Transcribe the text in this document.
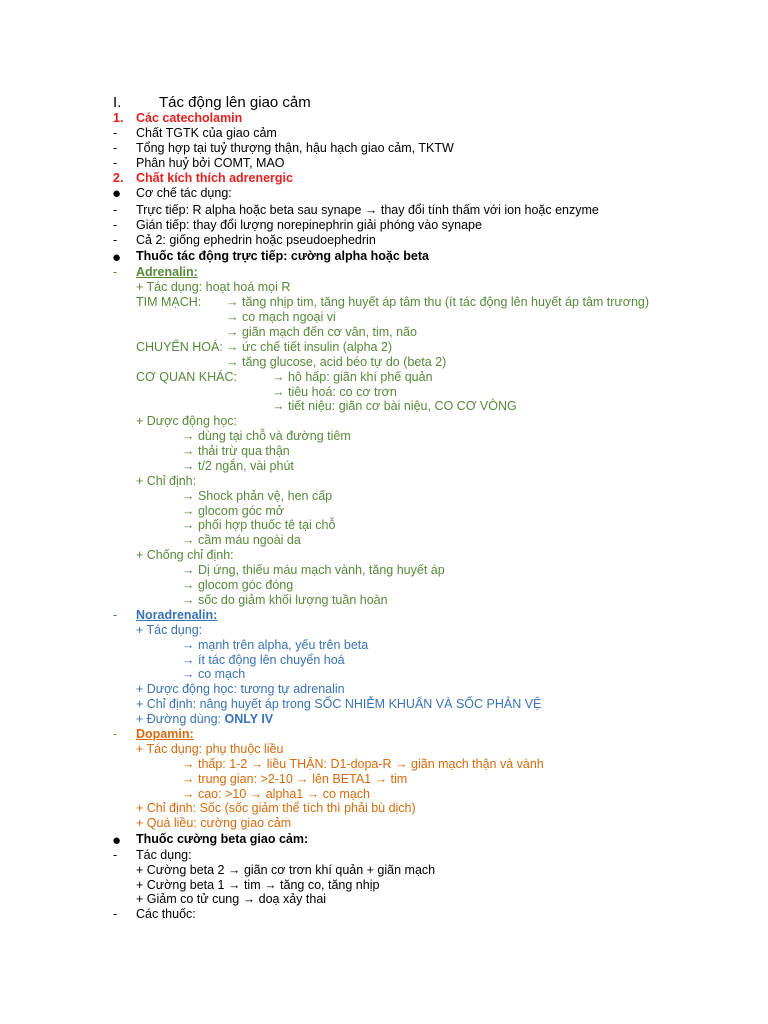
I.	Tác động lên giao cảm
1. Các catecholamin
- Chất TGTK của giao cảm
- Tổng hợp tại tuỷ thượng thận, hậu hạch giao cảm, TKTW
- Phân huỷ bởi COMT, MAO
2. Chất kích thích adrenergic
● Cơ chế tác dụng:
- Trực tiếp: R alpha hoặc beta sau synape → thay đổi tính thấm với ion hoặc enzyme
- Gián tiếp: thay đổi lượng norepinephrin giải phóng vào synape
- Cả 2: giống ephedrin hoặc pseudoephedrin
● Thuốc tác động trực tiếp: cường alpha hoặc beta
- Adrenalin:
+ Tác dụng: hoạt hoá mọi R
TIM MẠCH: → tăng nhịp tim, tăng huyết áp tâm thu (ít tác động lên huyết áp tâm trương)
→ co mạch ngoại vi
→ giãn mạch đến cơ vân, tim, não
CHUYỂN HOÁ: → ức chế tiết insulin (alpha 2)
→ tăng glucose, acid béo tự do (beta 2)
CƠ QUAN KHÁC:	→ hô hấp: giãn khí phế quản
→ tiêu hoá: co cơ trơn
→ tiết niệu: giãn cơ bài niệu, CO CƠ VÒNG
+ Dược động học:
→ dùng tại chỗ và đường tiêm
→ thải trừ qua thận
→ t/2 ngắn, vài phút
+ Chỉ định:
→ Shock phản vệ, hen cấp
→ glocom góc mở
→ phối hợp thuốc tê tại chỗ
→ cầm máu ngoài da
+ Chống chỉ định:
→ Dị ứng, thiếu máu mạch vành, tăng huyết áp
→ glocom góc đóng
→ sốc do giảm khối lượng tuần hoàn
- Noradrenalin:
+ Tác dụng:
→ mạnh trên alpha, yếu trên beta
→ ít tác động lên chuyển hoá
→ co mạch
+ Dược động học: tương tự adrenalin
+ Chỉ định: nâng huyết áp trong SỐC NHIỄM KHUẨN VÀ SỐC PHẢN VỆ
+ Đường dùng: ONLY IV
- Dopamin:
+ Tác dụng: phụ thuộc liều
→ thấp: 1-2 → liều THẬN: D1-dopa-R → giãn mạch thận và vành
→ trung gian: >2-10 → lên BETA1 → tim
→ cao: >10 → alpha1 → co mạch
+ Chỉ định: Sốc (sốc giảm thể tích thì phải bù dịch)
+ Quá liều: cường giao cảm
● Thuốc cường beta giao cảm:
- Tác dụng:
+ Cường beta 2 → giãn cơ trơn khí quản + giãn mạch
+ Cường beta 1 → tim → tăng co, tăng nhịp
+ Giảm co tử cung → doạ xảy thai
- Các thuốc:
